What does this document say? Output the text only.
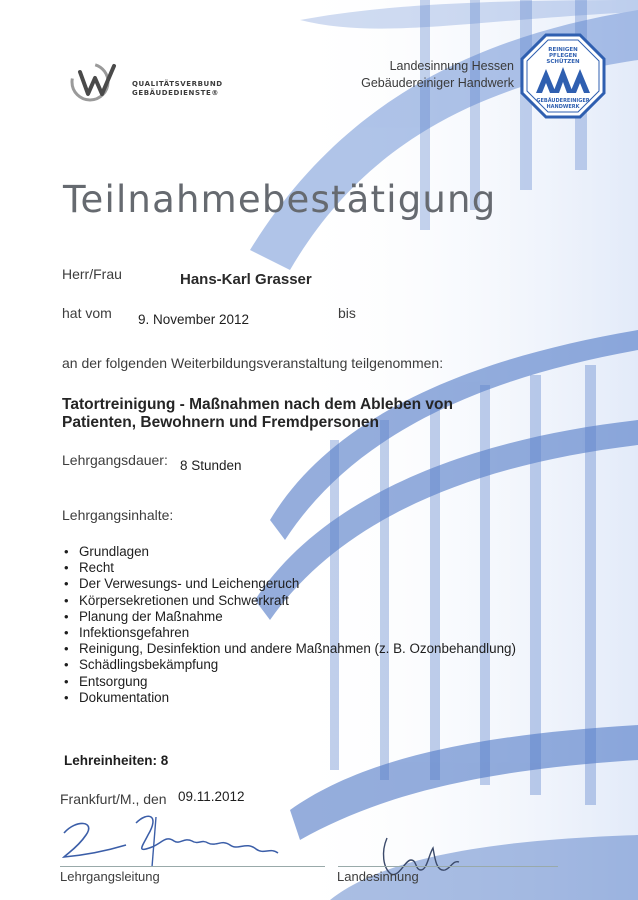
QUALITÄTSVERBUND
GEBÄUDEDIENSTE®
Landesinnung Hessen
Gebäudereiniger Handwerk
REINIGEN
PFLEGEN
SCHÜTZEN
GEBÄUDEREINIGER
HANDWERK
Teilnahmebestätigung
Herr/Frau	Hans-Karl Grasser
hat vom 9. November 2012	bis
an der folgenden Weiterbildungsveranstaltung teilgenommen:
Tatortreinigung - Maßnahmen nach dem Ableben von
Patienten, Bewohnern und Fremdpersonen
Lehrgangsdauer: 8 Stunden
Lehrgangsinhalte:
• Grundlagen
• Recht
• Der Verwesungs- und Leichengeruch
• Körpersekretionen und Schwerkraft
• Planung der Maßnahme
• Infektionsgefahren
• Reinigung, Desinfektion und andere Maßnahmen (z. B. Ozonbehandlung)
• Schädlingsbekämpfung
• Entsorgung
• Dokumentation
Lehreinheiten: 8
Frankfurt/M., den 09.11.2012
Lehrgangsleitung	Landesinnung
